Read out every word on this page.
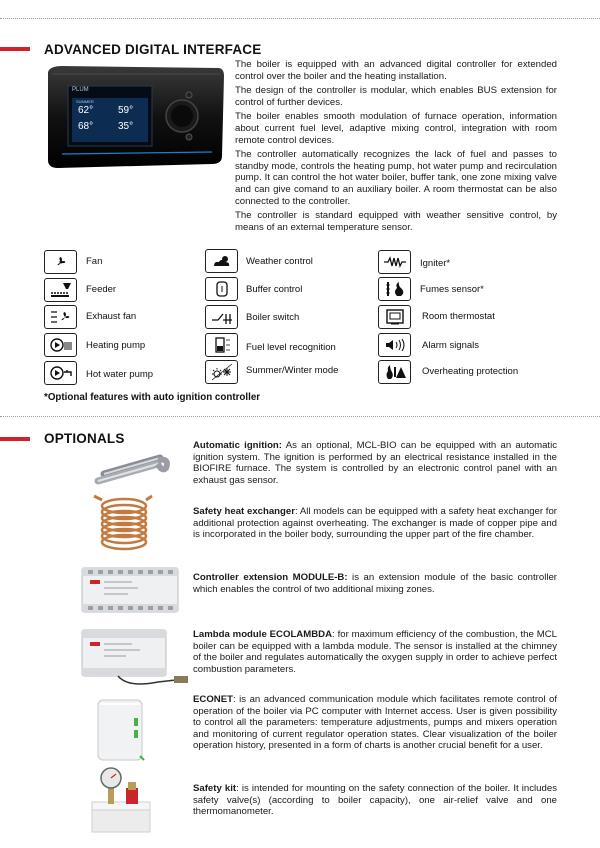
ADVANCED DIGITAL INTERFACE
PLUM
62° 59°
68° 35°
SUMMER

The boiler is equipped with an advanced digital controller for extended control over the boiler and the heating installation.

The design of the controller is modular, which enables BUS extension for control of further devices.

The boiler enables smooth modulation of furnace operation, information about current fuel level, adaptive mixing control, integration with room remote control devices.

The controller automatically recognizes the lack of fuel and passes to standby mode, controls the heating pump, hot water pump and recirculation pump. It can control the hot water boiler, buffer tank, one zone mixing valve and can give comand to an auxiliary boiler. A room thermostat can be also connected to the controller.

The controller is standard equipped with weather sensitive control, by means of an external temperature sensor.

Fan
Feeder
Exhaust fan
Heating pump
Hot water pump
Weather control
Buffer control
Boiler switch
Fuel level recognition
Summer/Winter mode
Igniter*
Fumes sensor*
Room thermostat
Alarm signals
Overheating protection
*Optional features with auto ignition controller
OPTIONALS	Automatic ignition: As an optional, MCL-BIO can be equipped with an automatic ignition system. The ignition is performed by an electrical resistance installed in the BIOFIRE furnace. The system is controlled by an electronic control panel with an exhaust gas sensor.
Safety heat exchanger: All models can be equipped with a safety heat exchanger for additional protection against overheating. The exchanger is made of copper pipe and is incorporated in the boiler body, surrounding the upper part of the fire chamber.
Controller extension MODULE-B: is an extension module of the basic controller which enables the control of two additional mixing zones.
Lambda module ECOLAMBDA: for maximum efficiency of the combustion, the MCL boiler can be equipped with a lambda module. The sensor is installed at the chimney of the boiler and regulates automatically the oxygen supply in order to achieve perfect combustion parameters.
ECONET: is an advanced communication module which facilitates remote control of operation of the boiler via PC computer with Internet access. User is given possibility to control all the parameters: temperature adjustments, pumps and mixers operation and monitoring of current regulator operation states. Clear visualization of the boiler operation history, presented in a form of charts is another crucial benefit for a user.
Safety kit: is intended for mounting on the safety connection of the boiler. It includes safety valve(s) (according to boiler capacity), one air-relief valve and one thermomanometer.
